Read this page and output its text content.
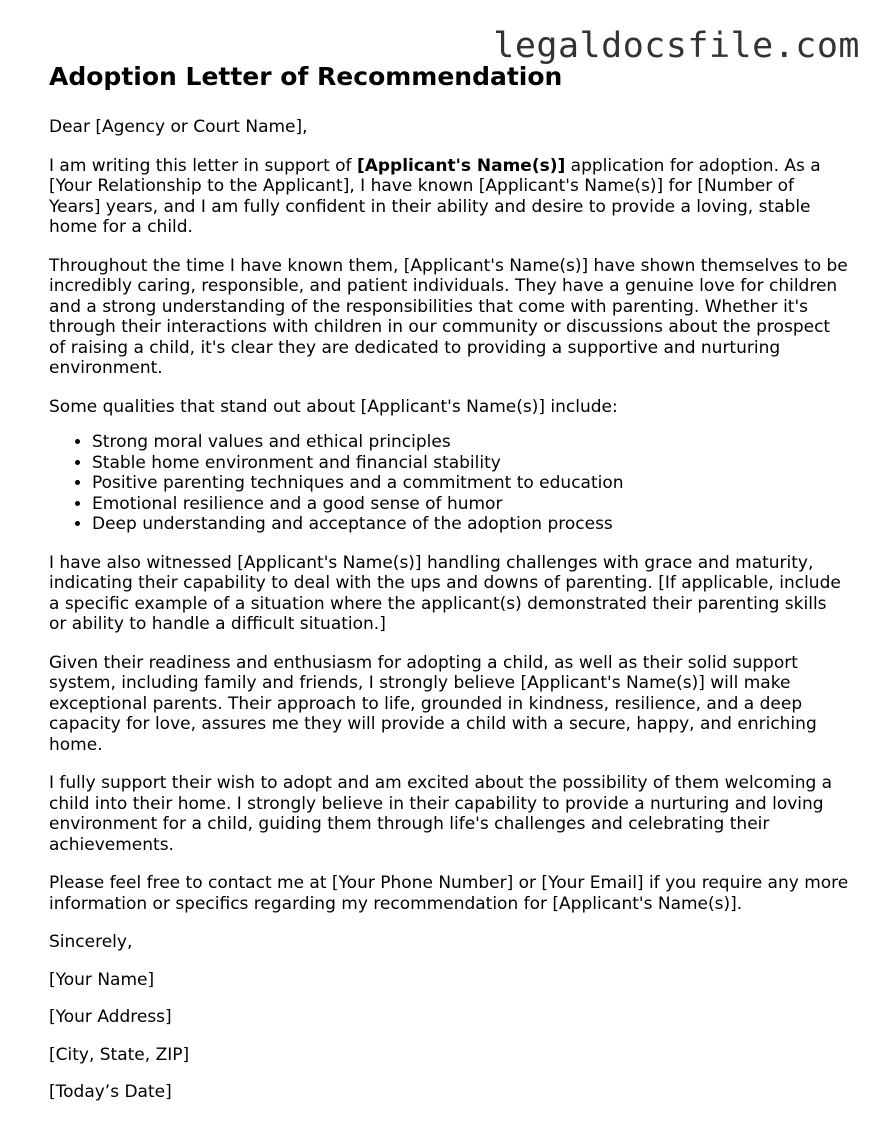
legaldocsfile.com
Adoption Letter of Recommendation

Dear [Agency or Court Name],

I am writing this letter in support of [Applicant's Name(s)] application for adoption. As a [Your Relationship to the Applicant], I have known [Applicant's Name(s)] for [Number of Years] years, and I am fully confident in their ability and desire to provide a loving, stable home for a child.

Throughout the time I have known them, [Applicant's Name(s)] have shown themselves to be incredibly caring, responsible, and patient individuals. They have a genuine love for children and a strong understanding of the responsibilities that come with parenting. Whether it's through their interactions with children in our community or discussions about the prospect of raising a child, it's clear they are dedicated to providing a supportive and nurturing environment.

Some qualities that stand out about [Applicant's Name(s)] include:

• Strong moral values and ethical principles
• Stable home environment and financial stability
• Positive parenting techniques and a commitment to education
• Emotional resilience and a good sense of humor
• Deep understanding and acceptance of the adoption process

I have also witnessed [Applicant's Name(s)] handling challenges with grace and maturity, indicating their capability to deal with the ups and downs of parenting. [If applicable, include a specific example of a situation where the applicant(s) demonstrated their parenting skills or ability to handle a difficult situation.]

Given their readiness and enthusiasm for adopting a child, as well as their solid support system, including family and friends, I strongly believe [Applicant's Name(s)] will make exceptional parents. Their approach to life, grounded in kindness, resilience, and a deep capacity for love, assures me they will provide a child with a secure, happy, and enriching home.

I fully support their wish to adopt and am excited about the possibility of them welcoming a child into their home. I strongly believe in their capability to provide a nurturing and loving environment for a child, guiding them through life's challenges and celebrating their achievements.

Please feel free to contact me at [Your Phone Number] or [Your Email] if you require any more information or specifics regarding my recommendation for [Applicant's Name(s)].

Sincerely,

[Your Name]

[Your Address]

[City, State, ZIP]

[Today’s Date]
